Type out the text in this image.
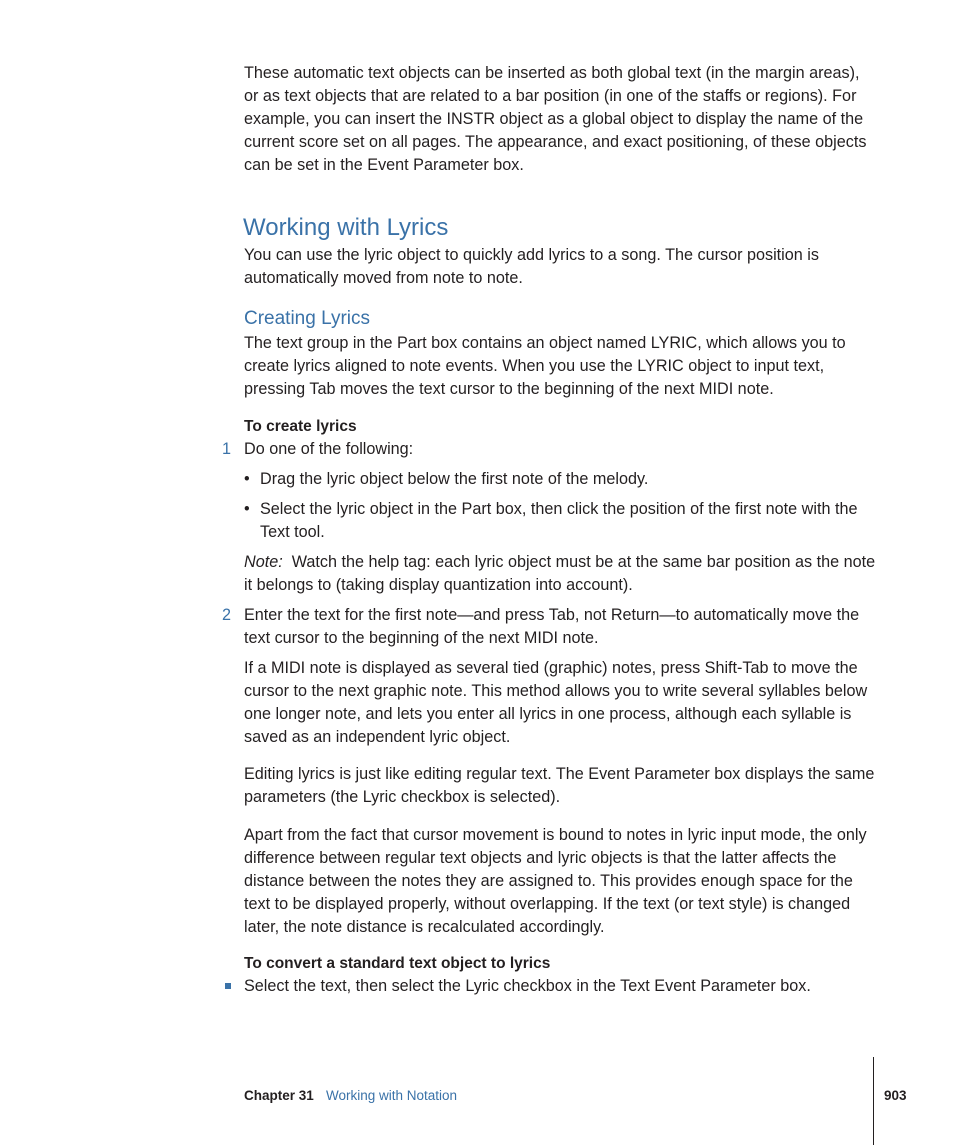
These automatic text objects can be inserted as both global text (in the margin areas), or as text objects that are related to a bar position (in one of the staffs or regions). For example, you can insert the INSTR object as a global object to display the name of the current score set on all pages. The appearance, and exact positioning, of these objects can be set in the Event Parameter box.
Working with Lyrics
You can use the lyric object to quickly add lyrics to a song. The cursor position is automatically moved from note to note.
Creating Lyrics
The text group in the Part box contains an object named LYRIC, which allows you to create lyrics aligned to note events. When you use the LYRIC object to input text, pressing Tab moves the text cursor to the beginning of the next MIDI note.
To create lyrics
1 Do one of the following:
• Drag the lyric object below the first note of the melody.
• Select the lyric object in the Part box, then click the position of the first note with the Text tool.
Note: Watch the help tag: each lyric object must be at the same bar position as the note it belongs to (taking display quantization into account).
2 Enter the text for the first note—and press Tab, not Return—to automatically move the text cursor to the beginning of the next MIDI note.
If a MIDI note is displayed as several tied (graphic) notes, press Shift-Tab to move the cursor to the next graphic note. This method allows you to write several syllables below one longer note, and lets you enter all lyrics in one process, although each syllable is saved as an independent lyric object.
Editing lyrics is just like editing regular text. The Event Parameter box displays the same parameters (the Lyric checkbox is selected).
Apart from the fact that cursor movement is bound to notes in lyric input mode, the only difference between regular text objects and lyric objects is that the latter affects the distance between the notes they are assigned to. This provides enough space for the text to be displayed properly, without overlapping. If the text (or text style) is changed later, the note distance is recalculated accordingly.
To convert a standard text object to lyrics
Select the text, then select the Lyric checkbox in the Text Event Parameter box.
Chapter 31 Working with Notation	903
